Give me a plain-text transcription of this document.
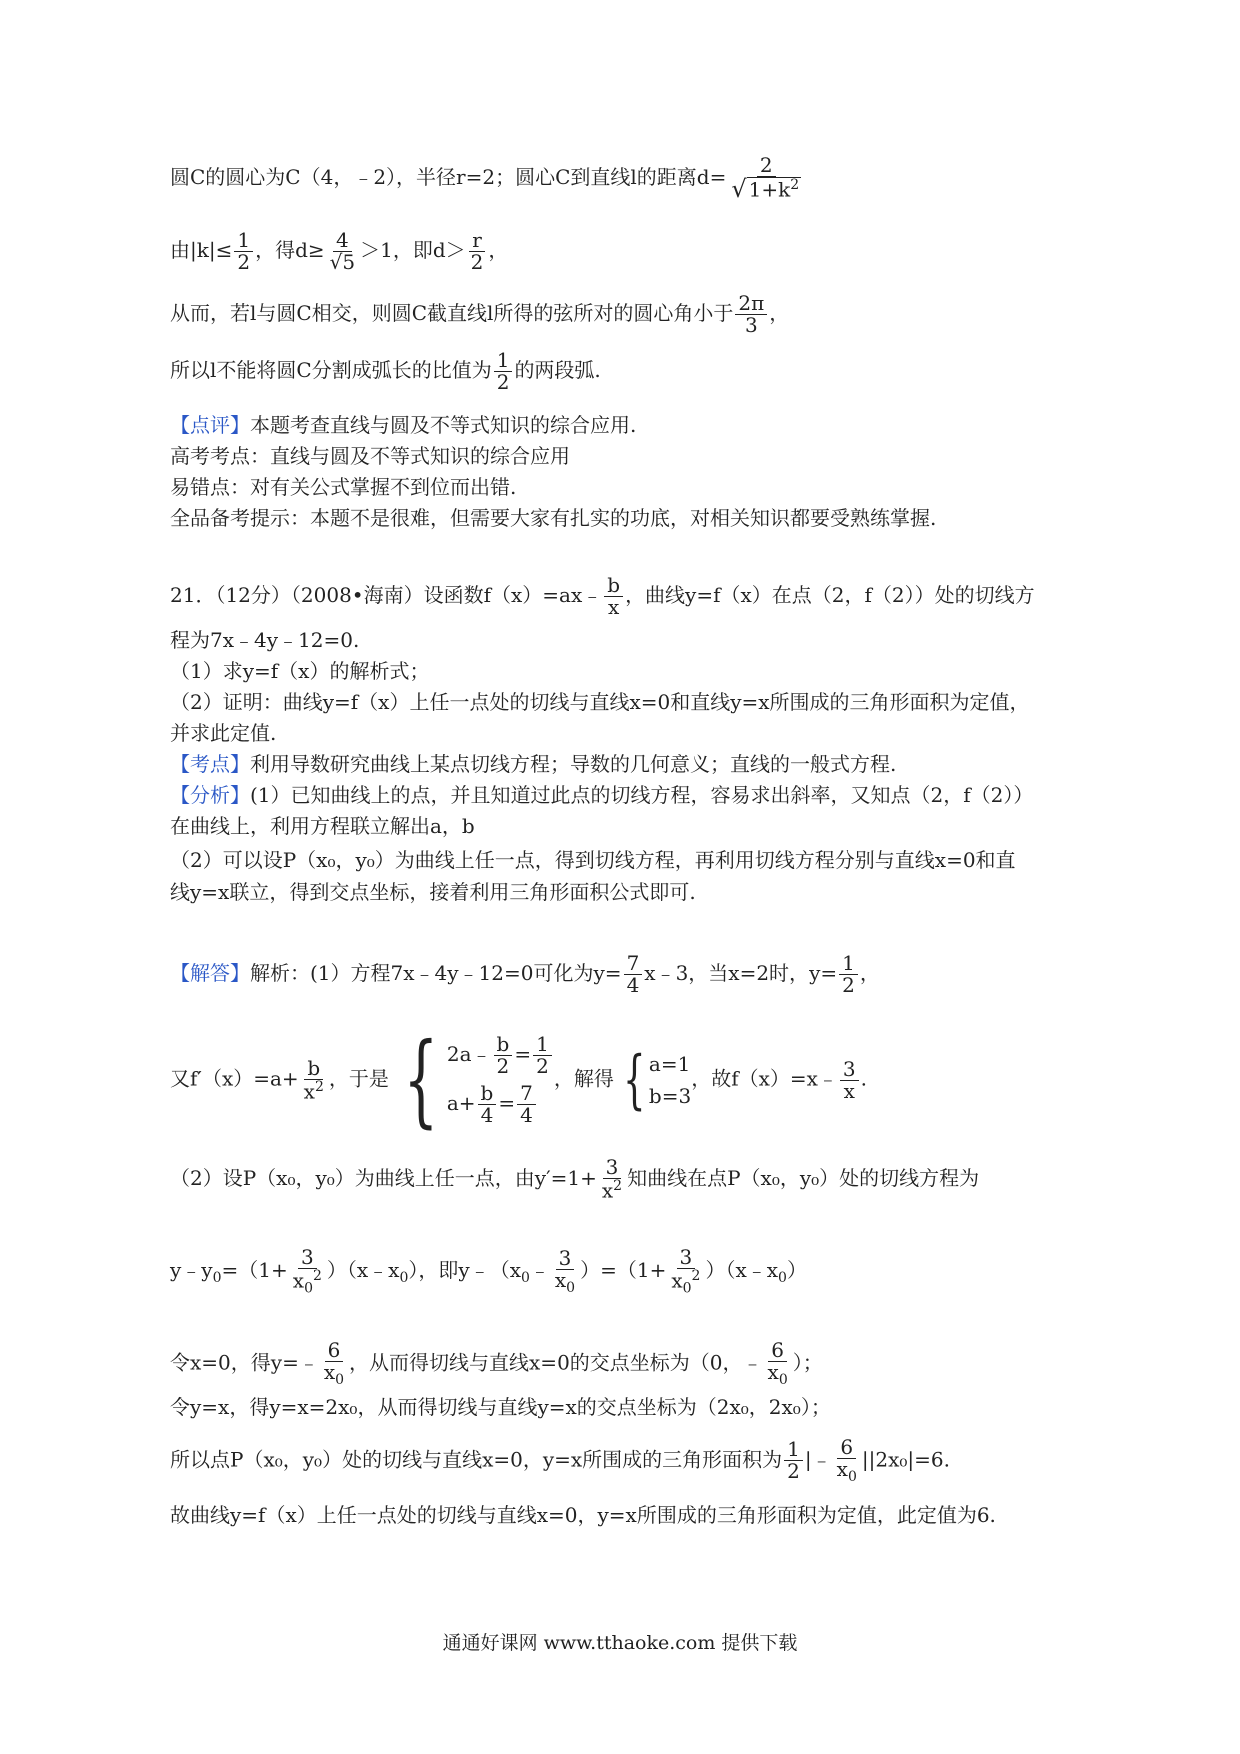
圆C的圆心为C（4，﹣2），半径r=2；圆心C到直线l的距离$d= \frac{2}{√ 1+k^2}$
由$|k|\le \frac{1}{2}$ ，得$d\ge \frac{4}{√5} >1$，即$d> \frac{r}{2}$ ，
从而，若l与圆C相交，则圆C截直线l所得的弦所对的圆心角小于 $\frac{2\pi}{3}$ ，
所以l不能将圆C分割成弧长的比值为 $\frac{1}{2}$ 的两段弧.
【点评】本题考查直线与圆及不等式知识的综合应用.
高考考点：直线与圆及不等式知识的综合应用
易错点：对有关公式掌握不到位而出错.
全品备考提示：本题不是很难，但需要大家有扎实的功底，对相关知识都要受熟练掌握.
21．（12分）（2008•海南）设函数f（x）=ax﹣ $\frac{b}{x}$ ，曲线y=f（x）在点（2，f（2））处的切线方
程为7x﹣4y﹣12=0.
（1）求y=f（x）的解析式；
（2）证明：曲线y=f（x）上任一点处的切线与直线x=0和直线y=x所围成的三角形面积为定值，
并求此定值.
【考点】利用导数研究曲线上某点切线方程；导数的几何意义；直线的一般式方程.
【分析】(1）已知曲线上的点，并且知道过此点的切线方程，容易求出斜率，又知点（2，f（2））
在曲线上，利用方程联立解出a，b
（2）可以设P（x₀，y₀）为曲线上任一点，得到切线方程，再利用切线方程分别与直线x=0和直
线y=x联立，得到交点坐标，接着利用三角形面积公式即可.
【解答】解析：(1）方程7x﹣4y﹣12=0可化为$y= \frac{7}{4}$ x﹣3，当x=2时，$y= \frac{1}{2}$ ，
又$f'(x)=a+ \frac{b}{x^2}$ ，于是 { 2a﹣ $\frac{b}{2} = \frac{1}{2}$
$a+ \frac{b}{4} = \frac{7}{4}$
，解得 { a=1
b=3
，故f（x）=x﹣ $\frac{3}{x}$ .
（2）设P（x₀，y₀）为曲线上任一点，由$y'=1+ \frac{3}{x^2}$ 知曲线在点P（x₀，y₀）处的切线方程为
$y﹣y_0=(1+ \frac{3}{x_0^2}$ ）$(x﹣x_0)$，即$y﹣(x_0﹣ \frac{3}{x_0} )=(1+ \frac{3}{x_0^2}$ ）$(x﹣x_0)$
令x=0，得y=﹣ $\frac{6}{x_0}$ ，从而得切线与直线x=0的交点坐标为（0，﹣ $\frac{6}{x_0}$ ）；
令y=x，得y=x=2x₀，从而得切线与直线y=x的交点坐标为（2x₀，2x₀）；
所以点P（x₀，y₀）处的切线与直线x=0，y=x所围成的三角形面积为 $\frac{1}{2}$ |﹣ $\frac{6}{x_0} ||2x_0|=6$.
故曲线y=f（x）上任一点处的切线与直线x=0，y=x所围成的三角形面积为定值，此定值为6.
通通好课网 www.tthaoke.com 提供下载
